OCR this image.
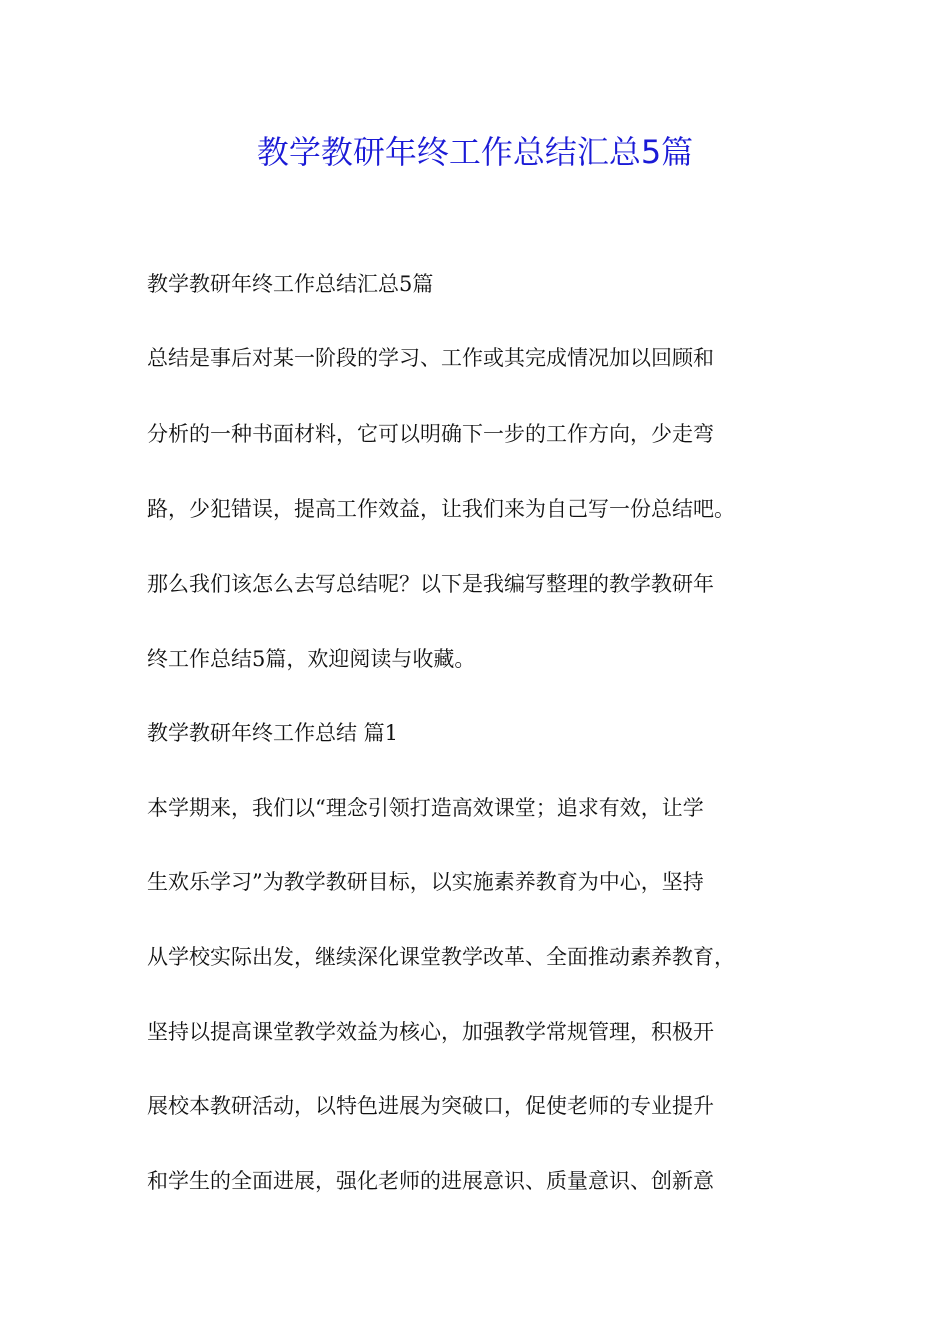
教学教研年终工作总结汇总5篇

教学教研年终工作总结汇总5篇

总结是事后对某一阶段的学习、工作或其完成情况加以回顾和

分析的一种书面材料，它可以明确下一步的工作方向，少走弯

路，少犯错误，提高工作效益，让我们来为自己写一份总结吧。

那么我们该怎么去写总结呢？以下是我编写整理的教学教研年

终工作总结5篇，欢迎阅读与收藏。

教学教研年终工作总结 篇1

本学期来，我们以“理念引领打造高效课堂；追求有效，让学

生欢乐学习”为教学教研目标，以实施素养教育为中心，坚持

从学校实际出发，继续深化课堂教学改革、全面推动素养教育，

坚持以提高课堂教学效益为核心，加强教学常规管理，积极开

展校本教研活动，以特色进展为突破口，促使老师的专业提升

和学生的全面进展，强化老师的进展意识、质量意识、创新意
